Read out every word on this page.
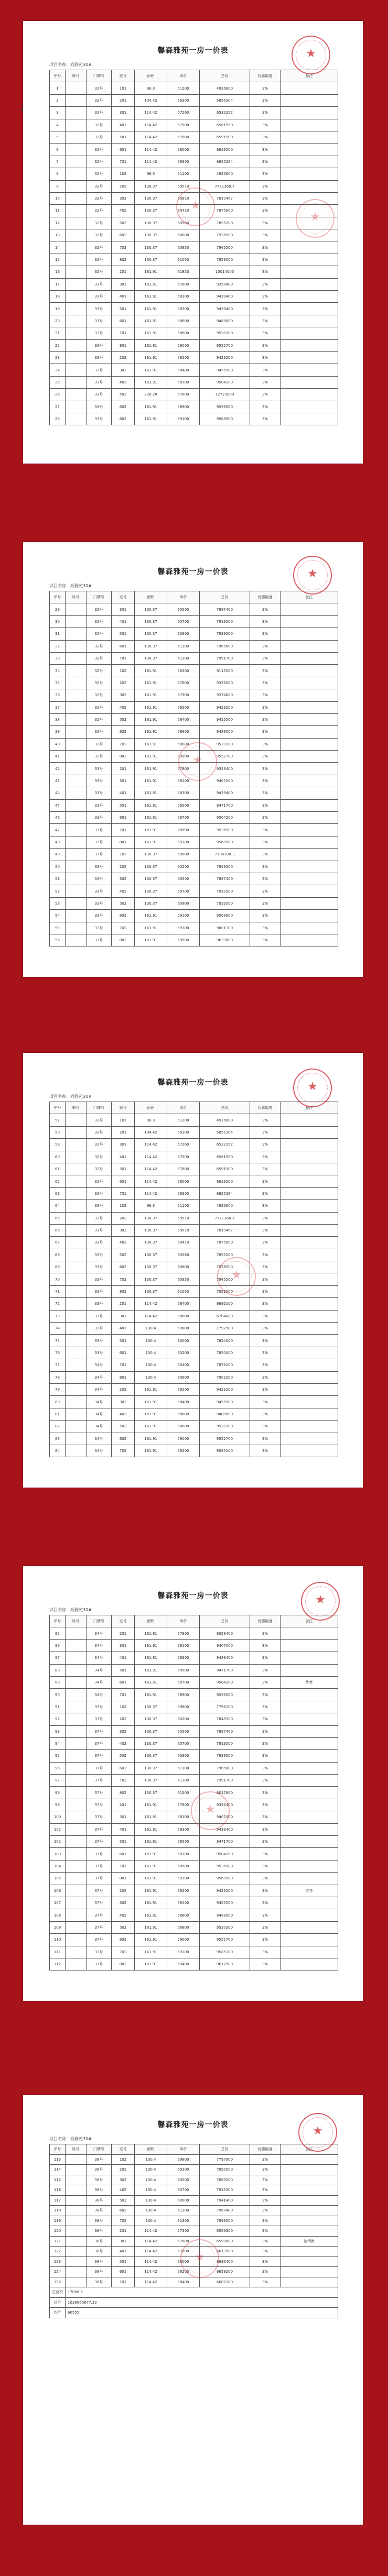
馨森雅苑一房一价表
项目名称：尚雅苑30#
序号	栋号	门牌号	室号	面积	单价	总价	优惠幅度	备注
1		32号	101	96.3	51200	4926600	3%	
2		32号	201	104.42	56300	5855304	3%	
3		32号	301	114.42	57260	6532352	3%	
4		32号	401	114.42	57500	6561950	3%	
5		32号	501	114.42	57800	6591500	3%	
6		32号	601	114.42	58000	6613500	3%	
7		32号	701	114.42	58300	6655284	3%	
8		32号	102	96.3	51100	4926600	3%	
9		32号	202	130.37	59510	7771360.7	3%	
10		32号	302	130.37	59910	7810467	3%	
11		32号	402	130.37	60410	7875800	3%	
12		32号	502	130.37	60560	7895200	3%	
13		32号	602	130.37	60800	7926500	3%	
14		32号	702	130.37	60950	7945500	3%	
15		32号	802	130.37	61050	7959000	3%	
16		32号	201	161.91	61850	10014000	3%	
17		33号	301	161.91	57800	9358400	3%	
18		33号	401	161.91	58300	9439400	3%	
19		33号	501	161.91	58300	9439400	3%	
20		33号	601	161.91	58600	9488000	3%	
21		33号	701	161.91	58800	9520300	3%	
22		33号	801	161.91	59000	9552700	3%	
23		33号	202	161.91	58200	9423200	3%	
24		33号	302	161.91	58400	9455500	3%	
25		33号	402	161.91	58700	9504200	3%	
26		33号	502	220.24	57800	12729900	3%	
27		33号	602	161.91	58900	9536500	3%	
28		33号	802	161.91	59100	9568900	3%	
★
★
★
馨森雅苑一房一价表
项目名称：尚雅苑30#
序号	栋号	门牌号	室号	面积	单价	总价	优惠幅度	备注
29		32号	301	130.37	60500	7887400	3%	
30		32号	401	130.37	60700	7913500	3%	
31		32号	501	130.37	60900	7939500	3%	
32		32号	601	130.37	61100	7965600	3%	
33		32号	701	130.37	61300	7991700	3%	
34		32号	102	161.91	56300	9115500	3%	
35		32号	202	161.91	57600	9326000	3%	
36		32号	302	161.91	57900	9374600	3%	
37		32号	402	161.91	58200	9423200	3%	
38		32号	502	161.91	58400	9455500	3%	
39		32号	602	161.91	58600	9488000	3%	
40		32号	702	161.91	58800	9520300	3%	
41		32号	802	161.91	59000	9552700	3%	
42		33号	201	161.91	57800	9358400	3%	
43		33号	301	161.91	58100	9407000	3%	
44		33号	401	161.91	58300	9439400	3%	
45		33号	501	161.91	58500	9471700	3%	
46		33号	601	161.91	58700	9504200	3%	
47		33号	701	161.91	58900	9536500	3%	
48		33号	801	161.91	59100	9568900	3%	
49		33号	102	130.37	59800	7796100.3	3%	
50		33号	202	130.37	60200	7848300	3%	
51		33号	302	130.37	60500	7887400	3%	
52		33号	402	130.37	60700	7913500	3%	
53		33号	502	130.37	60900	7939500	3%	
54		33号	602	161.91	59100	9568900	3%	
55		33号	702	161.91	59300	9601300	3%	
56		33号	802	161.91	59500	9633600	3%	
★
★
馨森雅苑一房一价表
项目名称：尚雅苑30#
序号	栋号	门牌号	室号	面积	单价	总价	优惠幅度	备注
57		32号	101	96.3	51200	4926600	3%	
58		32号	201	104.42	56300	5855304	3%	
59		32号	301	114.42	57260	6532352	3%	
60		32号	401	114.42	57500	6561950	3%	
61		32号	501	114.42	57800	6591500	3%	
62		32号	601	114.42	58000	6613500	3%	
63		33号	701	114.42	58300	6655284	3%	
64		33号	102	96.3	51100	4926600	3%	
65		33号	202	130.37	59510	7771360.7	3%	
66		33号	302	130.37	59910	7810467	3%	
67		33号	402	130.37	60410	7875800	3%	
68		33号	502	130.37	60560	7895200	3%	
69		33号	602	130.37	60800	7926500	3%	
70		33号	702	130.37	60950	7945500	3%	
71		33号	802	130.37	61050	7959000	3%	
72		33号	201	114.42	58400	6682100	3%	
73		33号	301	114.42	58600	6704800	3%	
74		33号	401	130.4	59800	7797900	3%	
75		33号	501	130.4	60000	7824000	3%	
76		33号	601	130.4	60200	7850000	3%	
77		34号	701	130.4	60400	7876100	3%	
78		34号	801	130.4	60600	7902200	3%	
79		34号	202	161.91	58200	9423200	3%	
80		34号	302	161.91	58400	9455500	3%	
81		34号	402	161.91	58600	9488000	3%	
82		34号	502	161.91	58800	9520300	3%	
83		34号	602	161.91	59000	9552700	3%	
84		34号	702	161.91	59200	9585100	3%	
★
★
馨森雅苑一房一价表
项目名称：尚雅苑30#
序号	栋号	门牌号	室号	面积	单价	总价	优惠幅度	备注
85		34号	201	161.91	57800	9358400	3%	
86		34号	301	161.91	58100	9407000	3%	
87		34号	401	161.91	58300	9439400	3%	
88		34号	501	161.91	58500	9471700	3%	
89		34号	601	161.91	58700	9504200	3%	待售
90		34号	701	161.91	58900	9536500	3%	
91		37号	102	130.37	59800	7796100	3%	
92		37号	202	130.37	60200	7848300	3%	
93		37号	302	130.37	60500	7887400	3%	
94		37号	402	130.37	60700	7913500	3%	
95		37号	502	130.37	60900	7939500	3%	
96		37号	602	130.37	61100	7965600	3%	
97		37号	702	130.37	61300	7991700	3%	
98		37号	802	130.37	61500	8017800	3%	
99		37号	201	161.91	57800	9358400	3%	
100		37号	301	161.91	58100	9407000	3%	
101		37号	401	161.91	58300	9439400	3%	
102		37号	501	161.91	58500	9471700	3%	
103		37号	601	161.91	58700	9504200	3%	
104		37号	701	161.91	58900	9536500	3%	
105		37号	801	161.91	59100	9568900	3%	
106		37号	202	161.91	58200	9423200	3%	待售
107		37号	302	161.91	58400	9455500	3%	
108		37号	402	161.91	58600	9488000	3%	
109		37号	502	161.91	58800	9520300	3%	
110		37号	602	161.91	59000	9552700	3%	
111		37号	702	161.91	59200	9585100	3%	
112		37号	802	161.91	59400	9617500	3%	
★
★
馨森雅苑一房一价表
项目名称：尚雅苑30#
序号	栋号	门牌号	室号	面积	单价	总价	优惠幅度	备注
113		38号	102	130.4	59800	7797900	3%	
114		38号	202	130.4	60200	7850000	3%	
115		38号	302	130.4	60500	7889200	3%	
116		38号	402	130.4	60700	7915300	3%	
117		38号	502	130.4	60900	7941400	3%	
118		38号	602	130.4	61100	7967400	3%	
119		38号	702	130.4	61300	7993500	3%	
120		38号	201	114.42	57300	6556300	3%	
121		38号	301	114.42	57600	6590600	3%	待销售
122		38号	401	114.42	57800	6613500	3%	
123		38号	501	114.42	58000	6636400	3%	
124		38号	601	114.42	58200	6659200	3%	
125		38号	701	114.42	58400	6682100	3%	
总面积	17006.5							
总价	1039865677.33							
均价	60555							
★
★
